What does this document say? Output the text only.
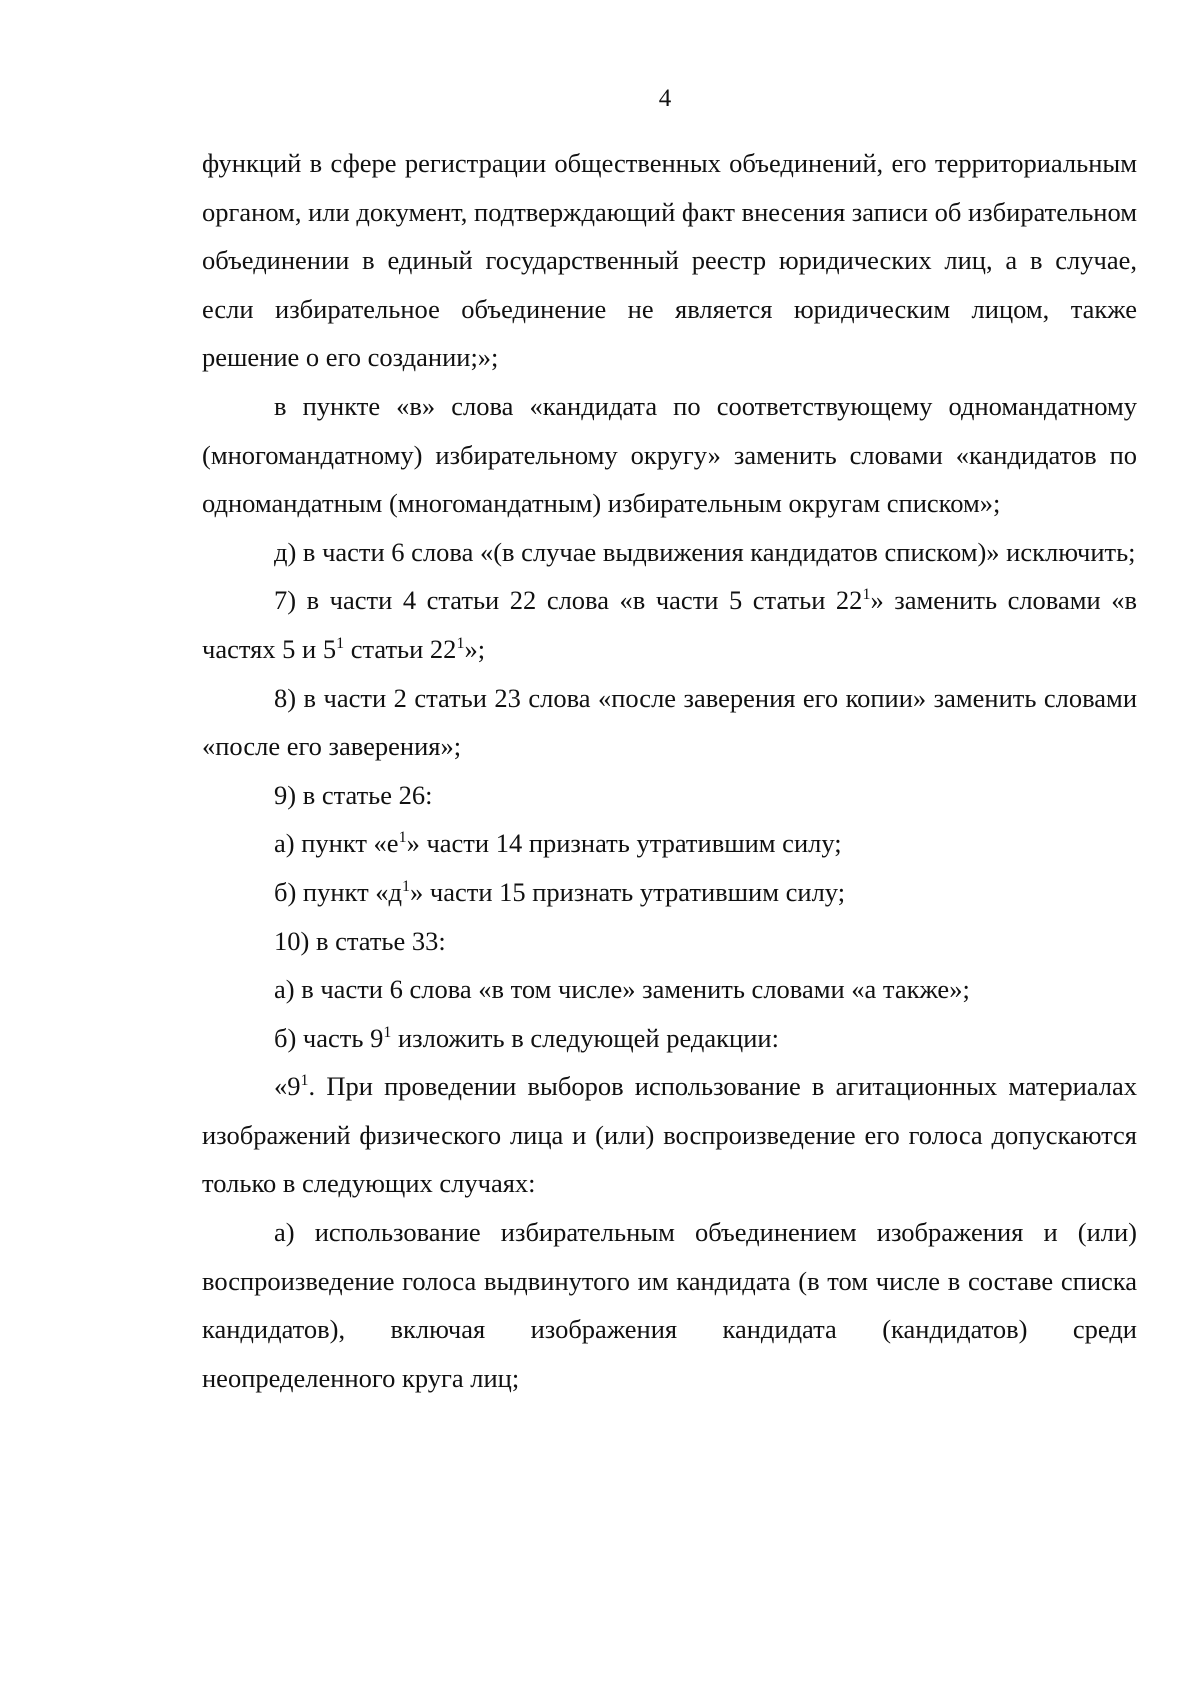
4

функций в сфере регистрации общественных объединений, его территориальным органом, или документ, подтверждающий факт внесения записи об избирательном объединении в единый государственный реестр юридических лиц, а в случае, если избирательное объединение не является юридическим лицом, также решение о его создании;»;

в пункте «в» слова «кандидата по соответствующему одномандатному (многомандатному) избирательному округу» заменить словами «кандидатов по одномандатным (многомандатным) избирательным округам списком»;

д) в части 6 слова «(в случае выдвижения кандидатов списком)» исключить;

7) в части 4 статьи 22 слова «в части 5 статьи $22^1$» заменить словами «в частях 5 и $5^1$ статьи $22^1$»;

8) в части 2 статьи 23 слова «после заверения его копии» заменить словами «после его заверения»;

9) в статье 26:

а) пункт «$е^1$» части 14 признать утратившим силу;

б) пункт «$д^1$» части 15 признать утратившим силу;

10) в статье 33:

а) в части 6 слова «в том числе» заменить словами «а также»;

б) часть $9^1$ изложить в следующей редакции:

«$9^1$. При проведении выборов использование в агитационных материалах изображений физического лица и (или) воспроизведение его голоса допускаются только в следующих случаях:

а) использование избирательным объединением изображения и (или) воспроизведение голоса выдвинутого им кандидата (в том числе в составе списка кандидатов), включая изображения кандидата (кандидатов) среди неопределенного круга лиц;
